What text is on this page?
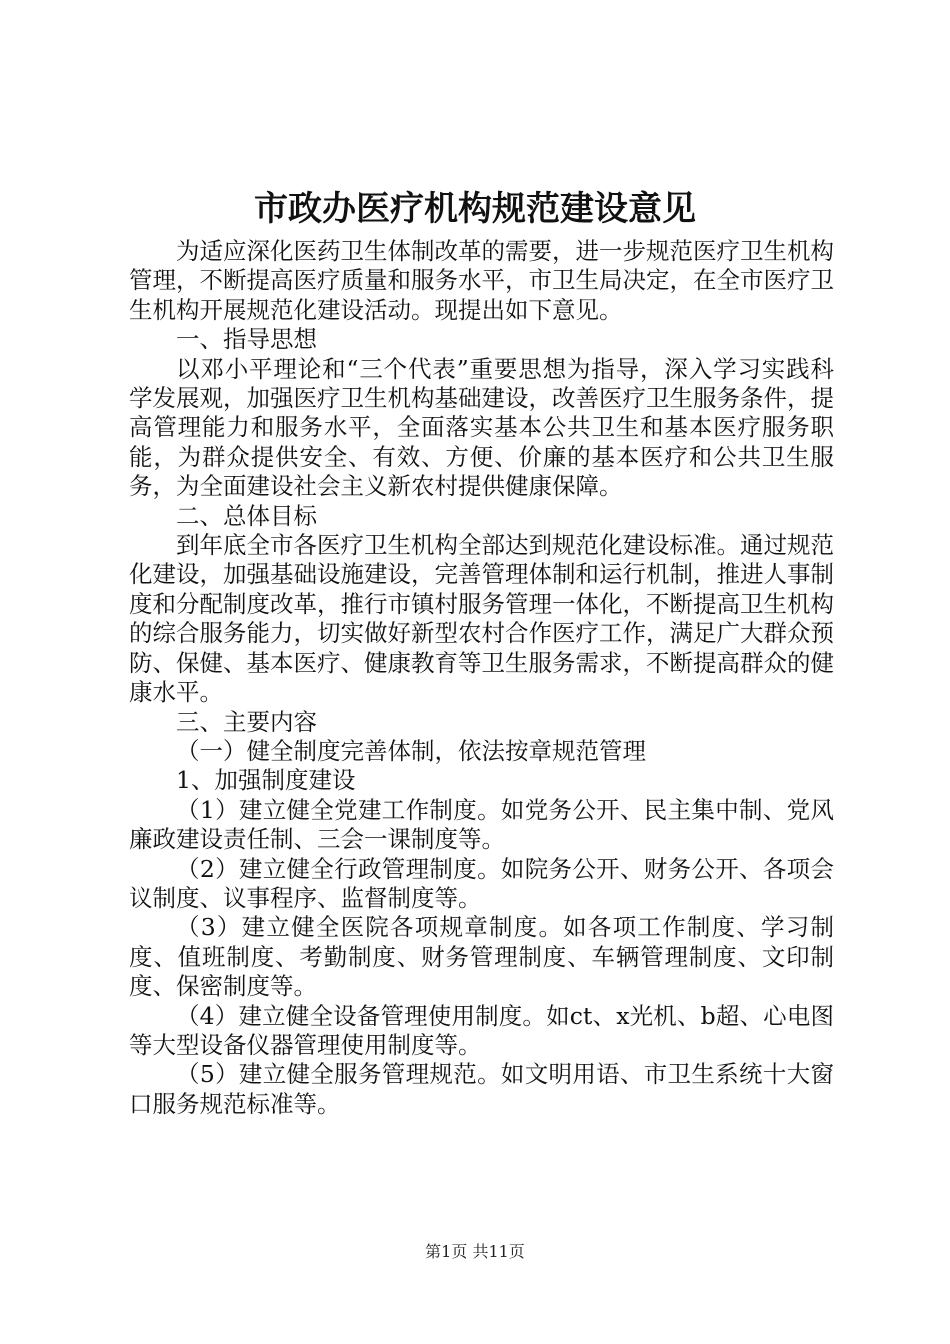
市政办医疗机构规范建设意见

为适应深化医药卫生体制改革的需要，进一步规范医疗卫生机构管理，不断提高医疗质量和服务水平，市卫生局决定，在全市医疗卫生机构开展规范化建设活动。现提出如下意见。

一、指导思想

以邓小平理论和“三个代表”重要思想为指导，深入学习实践科学发展观，加强医疗卫生机构基础建设，改善医疗卫生服务条件，提高管理能力和服务水平，全面落实基本公共卫生和基本医疗服务职能，为群众提供安全、有效、方便、价廉的基本医疗和公共卫生服务，为全面建设社会主义新农村提供健康保障。

二、总体目标

到年底全市各医疗卫生机构全部达到规范化建设标准。通过规范化建设，加强基础设施建设，完善管理体制和运行机制，推进人事制度和分配制度改革，推行市镇村服务管理一体化，不断提高卫生机构的综合服务能力，切实做好新型农村合作医疗工作，满足广大群众预防、保健、基本医疗、健康教育等卫生服务需求，不断提高群众的健康水平。

三、主要内容

（一）健全制度完善体制，依法按章规范管理

1、加强制度建设

（1）建立健全党建工作制度。如党务公开、民主集中制、党风廉政建设责任制、三会一课制度等。

（2）建立健全行政管理制度。如院务公开、财务公开、各项会议制度、议事程序、监督制度等。

（3）建立健全医院各项规章制度。如各项工作制度、学习制度、值班制度、考勤制度、财务管理制度、车辆管理制度、文印制度、保密制度等。

（4）建立健全设备管理使用制度。如ct、x光机、b超、心电图等大型设备仪器管理使用制度等。

（5）建立健全服务管理规范。如文明用语、市卫生系统十大窗口服务规范标准等。

第1页 共11页
